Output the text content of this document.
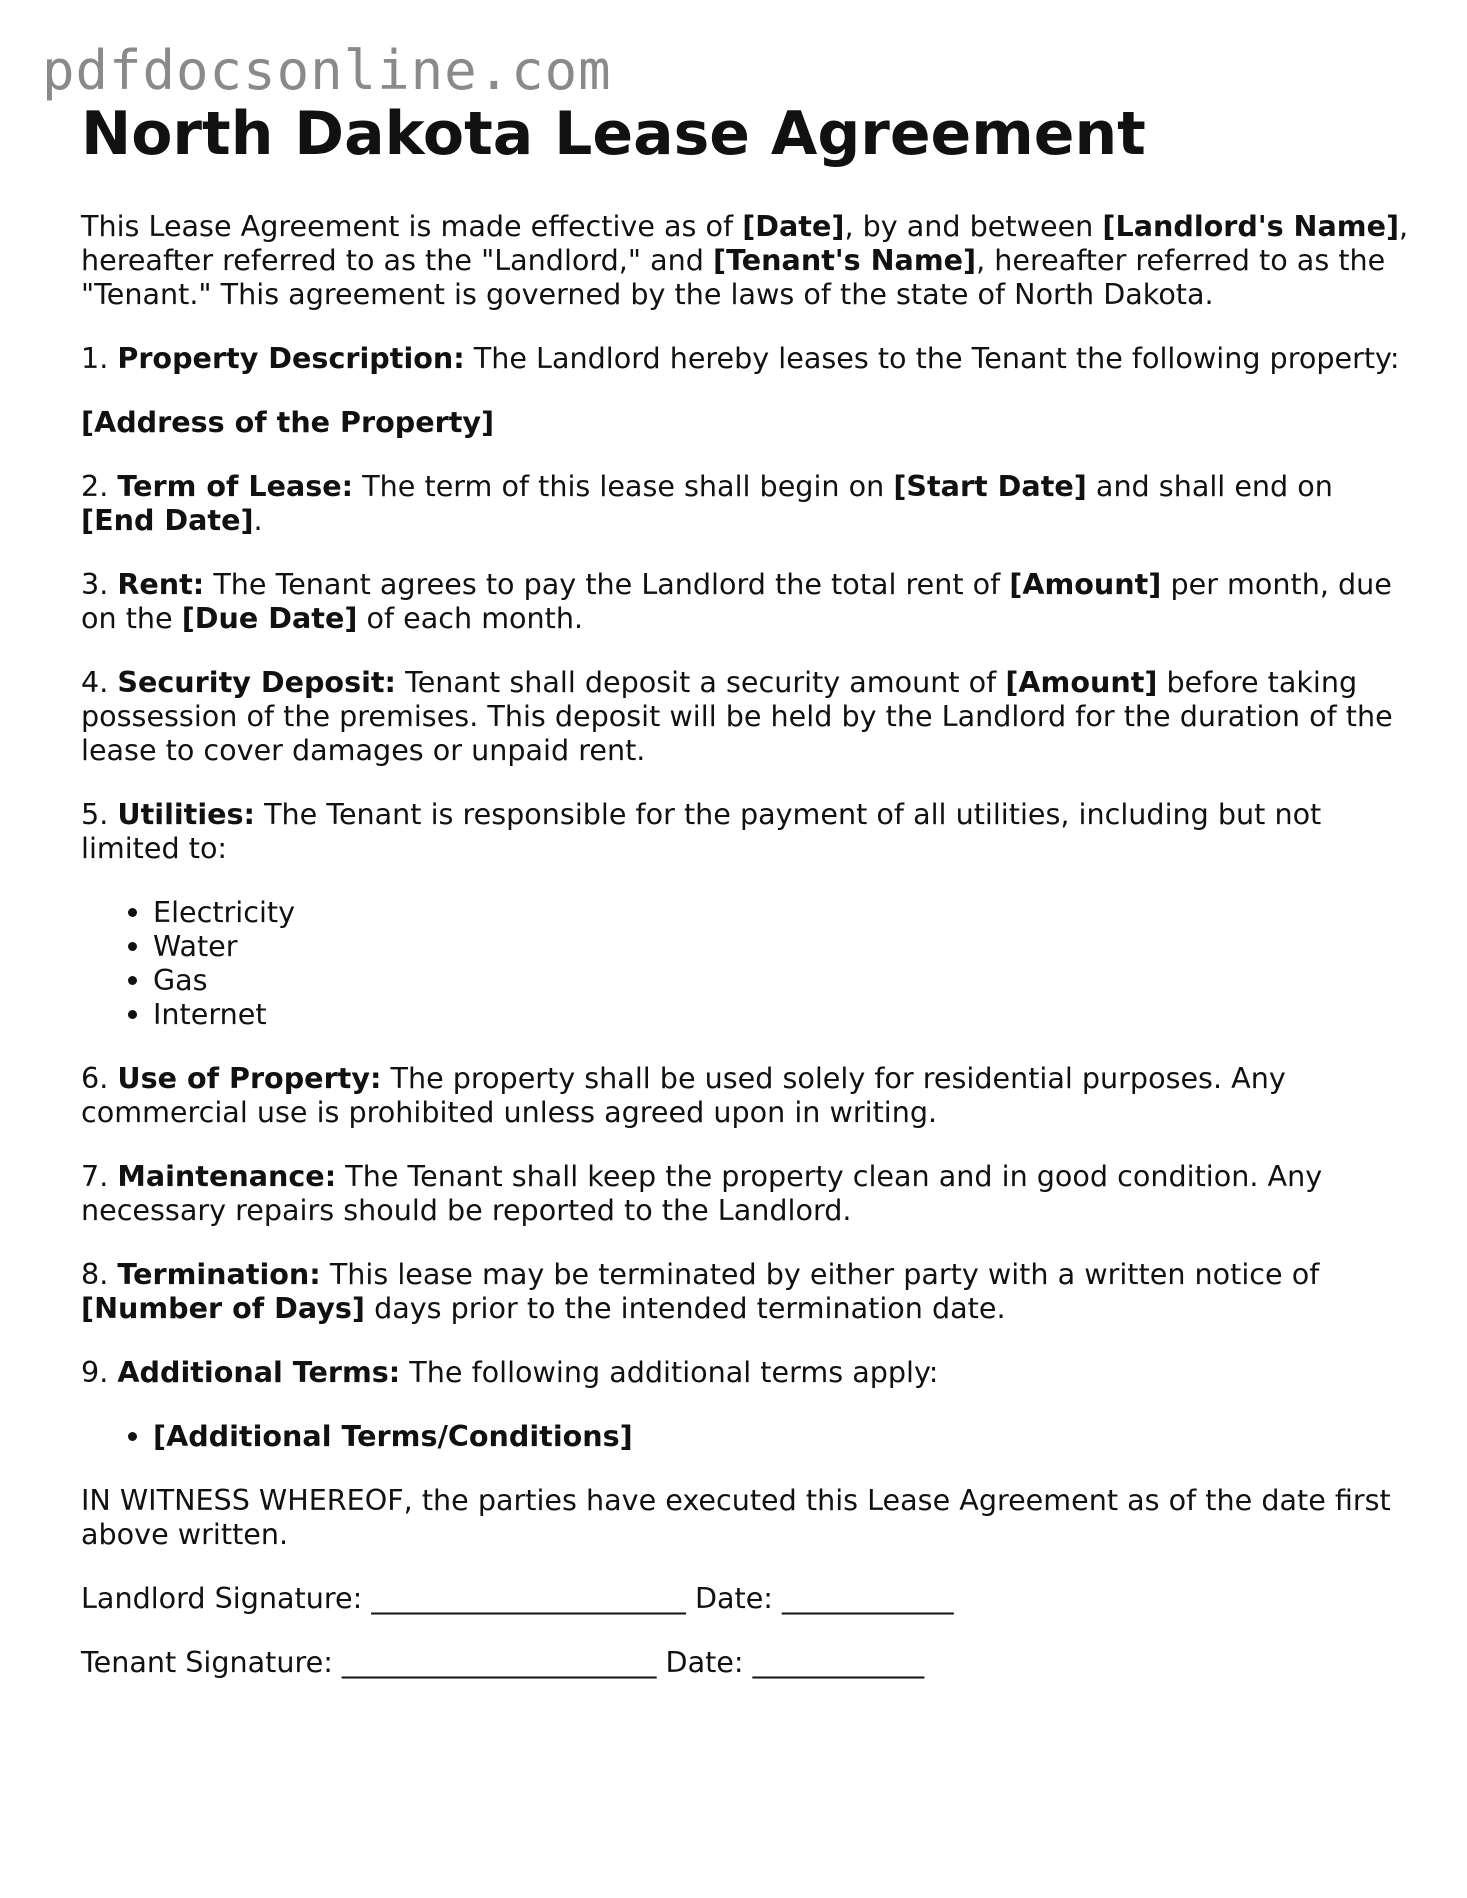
pdfdocsonline.com
North Dakota Lease Agreement

This Lease Agreement is made effective as of [Date], by and between [Landlord's Name], hereafter referred to as the "Landlord," and [Tenant's Name], hereafter referred to as the "Tenant." This agreement is governed by the laws of the state of North Dakota.

1. Property Description: The Landlord hereby leases to the Tenant the following property:

[Address of the Property]

2. Term of Lease: The term of this lease shall begin on [Start Date] and shall end on [End Date].

3. Rent: The Tenant agrees to pay the Landlord the total rent of [Amount] per month, due on the [Due Date] of each month.

4. Security Deposit: Tenant shall deposit a security amount of [Amount] before taking possession of the premises. This deposit will be held by the Landlord for the duration of the lease to cover damages or unpaid rent.

5. Utilities: The Tenant is responsible for the payment of all utilities, including but not limited to:

• Electricity
• Water
• Gas
• Internet

6. Use of Property: The property shall be used solely for residential purposes. Any commercial use is prohibited unless agreed upon in writing.

7. Maintenance: The Tenant shall keep the property clean and in good condition. Any necessary repairs should be reported to the Landlord.

8. Termination: This lease may be terminated by either party with a written notice of [Number of Days] days prior to the intended termination date.

9. Additional Terms: The following additional terms apply:

• [Additional Terms/Conditions]

IN WITNESS WHEREOF, the parties have executed this Lease Agreement as of the date first above written.

Landlord Signature: ______________________ Date: ____________

Tenant Signature: ______________________ Date: ____________
